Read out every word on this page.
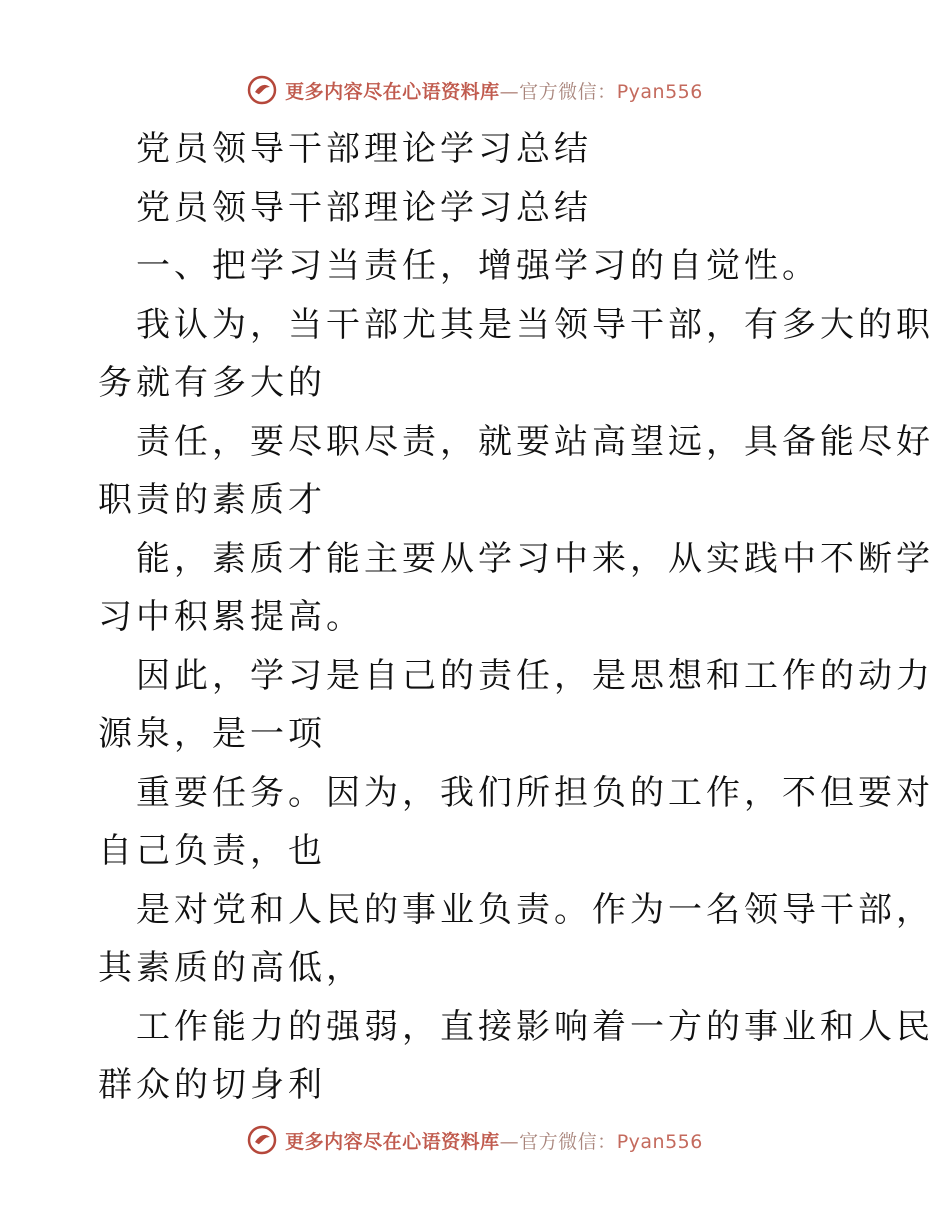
更多内容尽在心语资料库—官方微信：Pyan556
党员领导干部理论学习总结
党员领导干部理论学习总结
一、把学习当责任，增强学习的自觉性。
我认为，当干部尤其是当领导干部，有多大的职
务就有多大的
责任，要尽职尽责，就要站高望远，具备能尽好
职责的素质才
能，素质才能主要从学习中来，从实践中不断学
习中积累提高。
因此，学习是自己的责任，是思想和工作的动力
源泉，是一项
重要任务。因为，我们所担负的工作，不但要对
自己负责，也
是对党和人民的事业负责。作为一名领导干部，
其素质的高低，
工作能力的强弱，直接影响着一方的事业和人民
群众的切身利
更多内容尽在心语资料库—官方微信：Pyan556
